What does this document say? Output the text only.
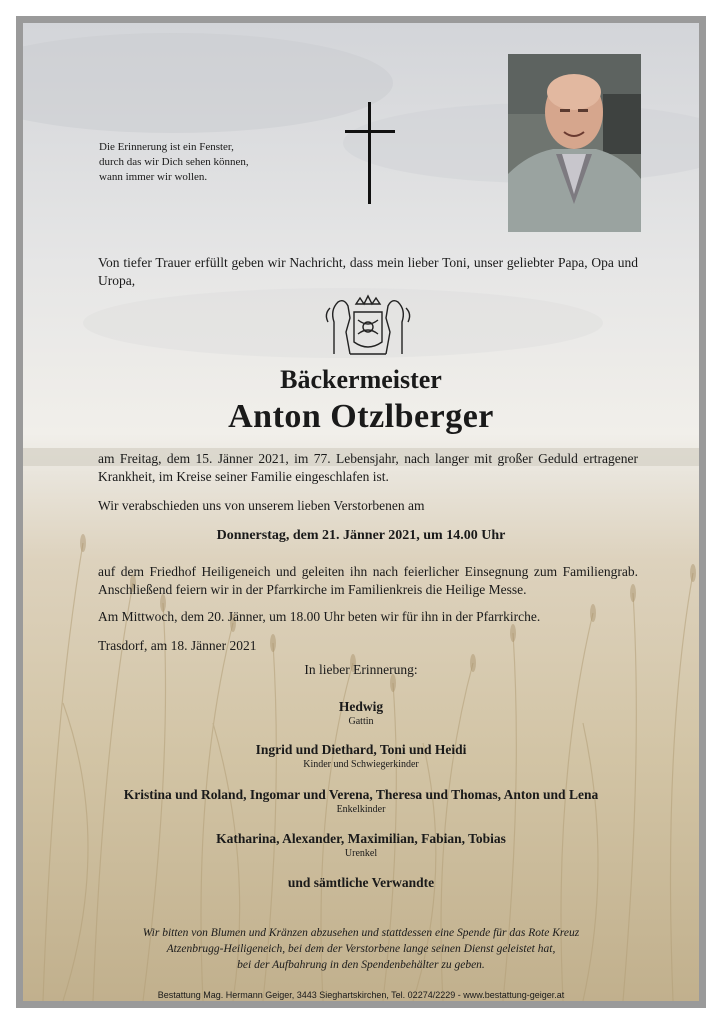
Die Erinnerung ist ein Fenster,
durch das wir Dich sehen können,
wann immer wir wollen.
Von tiefer Trauer erfüllt geben wir Nachricht, dass mein lieber Toni, unser geliebter Papa, Opa und Uropa,
Bäckermeister
Anton Otzlberger
am Freitag, dem 15. Jänner 2021, im 77. Lebensjahr, nach langer mit großer Geduld ertragener Krankheit, im Kreise seiner Familie eingeschlafen ist.
Wir verabschieden uns von unserem lieben Verstorbenen am
Donnerstag, dem 21. Jänner 2021, um 14.00 Uhr
auf dem Friedhof Heiligeneich und geleiten ihn nach feierlicher Einsegnung zum Familiengrab. Anschließend feiern wir in der Pfarrkirche im Familienkreis die Heilige Messe.
Am Mittwoch, dem 20. Jänner, um 18.00 Uhr beten wir für ihn in der Pfarrkirche.
Trasdorf, am 18. Jänner 2021
In lieber Erinnerung:
Hedwig
Gattin
Ingrid und Diethard, Toni und Heidi
Kinder und Schwiegerkinder
Kristina und Roland, Ingomar und Verena, Theresa und Thomas, Anton und Lena
Enkelkinder
Katharina, Alexander, Maximilian, Fabian, Tobias
Urenkel
und sämtliche Verwandte
Wir bitten von Blumen und Kränzen abzusehen und stattdessen eine Spende für das Rote Kreuz
Atzenbrugg-Heiligeneich, bei dem der Verstorbene lange seinen Dienst geleistet hat,
bei der Aufbahrung in den Spendenbehälter zu geben.
Bestattung Mag. Hermann Geiger, 3443 Sieghartskirchen, Tel. 02274/2229 - www.bestattung-geiger.at
